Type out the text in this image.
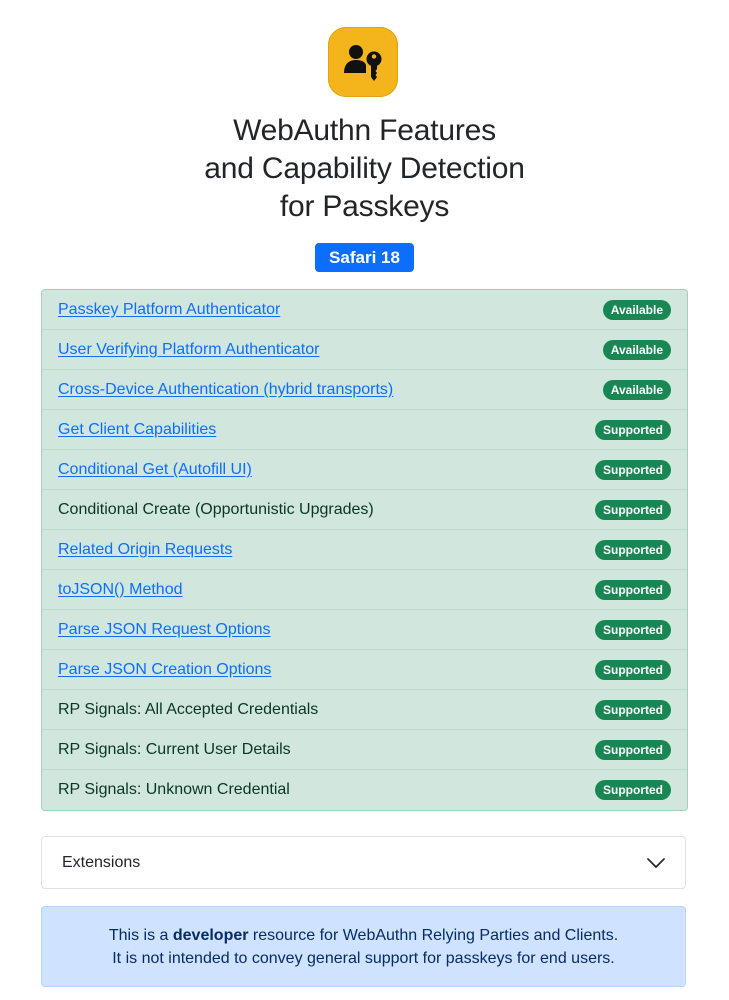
WebAuthn Features
and Capability Detection
for Passkeys
Safari 18
Passkey Platform Authenticator	Available
User Verifying Platform Authenticator	Available
Cross-Device Authentication (hybrid transports)	Available
Get Client Capabilities	Supported
Conditional Get (Autofill UI)	Supported
Conditional Create (Opportunistic Upgrades)	Supported
Related Origin Requests	Supported
toJSON() Method	Supported
Parse JSON Request Options	Supported
Parse JSON Creation Options	Supported
RP Signals: All Accepted Credentials	Supported
RP Signals: Current User Details	Supported
RP Signals: Unknown Credential	Supported
Extensions
This is a developer resource for WebAuthn Relying Parties and Clients.
It is not intended to convey general support for passkeys for end users.
